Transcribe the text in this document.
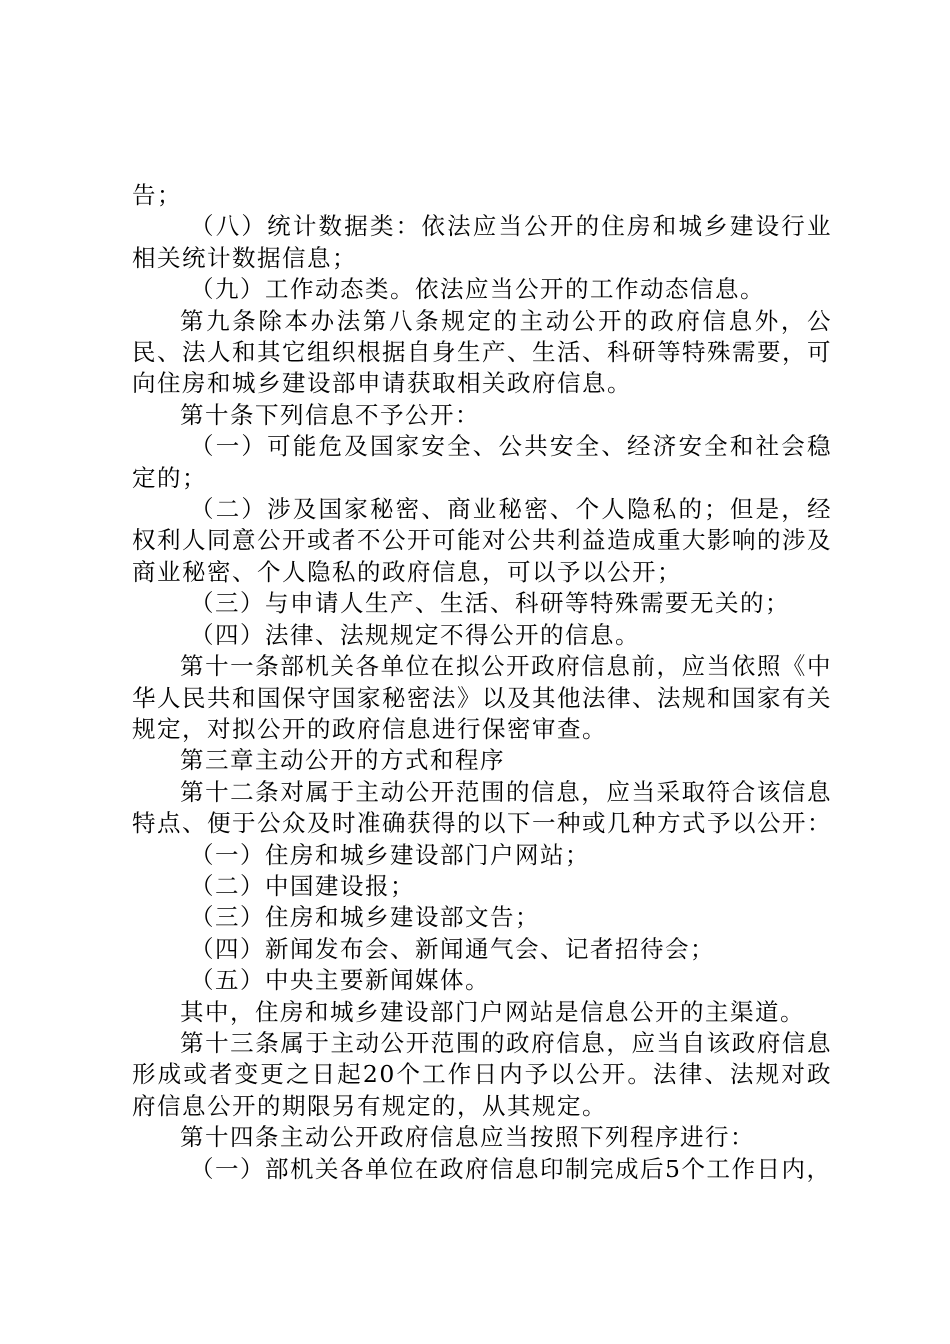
告；

（八）统计数据类：依法应当公开的住房和城乡建设行业相关统计数据信息；

（九）工作动态类。依法应当公开的工作动态信息。

第九条除本办法第八条规定的主动公开的政府信息外，公民、法人和其它组织根据自身生产、生活、科研等特殊需要，可向住房和城乡建设部申请获取相关政府信息。

第十条下列信息不予公开：

（一）可能危及国家安全、公共安全、经济安全和社会稳定的；

（二）涉及国家秘密、商业秘密、个人隐私的；但是，经权利人同意公开或者不公开可能对公共利益造成重大影响的涉及商业秘密、个人隐私的政府信息，可以予以公开；

（三）与申请人生产、生活、科研等特殊需要无关的；

（四）法律、法规规定不得公开的信息。

第十一条部机关各单位在拟公开政府信息前，应当依照《中华人民共和国保守国家秘密法》以及其他法律、法规和国家有关规定，对拟公开的政府信息进行保密审查。

第三章主动公开的方式和程序

第十二条对属于主动公开范围的信息，应当采取符合该信息特点、便于公众及时准确获得的以下一种或几种方式予以公开：

（一）住房和城乡建设部门户网站；

（二）中国建设报；

（三）住房和城乡建设部文告；

（四）新闻发布会、新闻通气会、记者招待会；

（五）中央主要新闻媒体。

其中，住房和城乡建设部门户网站是信息公开的主渠道。

第十三条属于主动公开范围的政府信息，应当自该政府信息形成或者变更之日起20个工作日内予以公开。法律、法规对政府信息公开的期限另有规定的，从其规定。

第十四条主动公开政府信息应当按照下列程序进行：

（一）部机关各单位在政府信息印制完成后5个工作日内，
